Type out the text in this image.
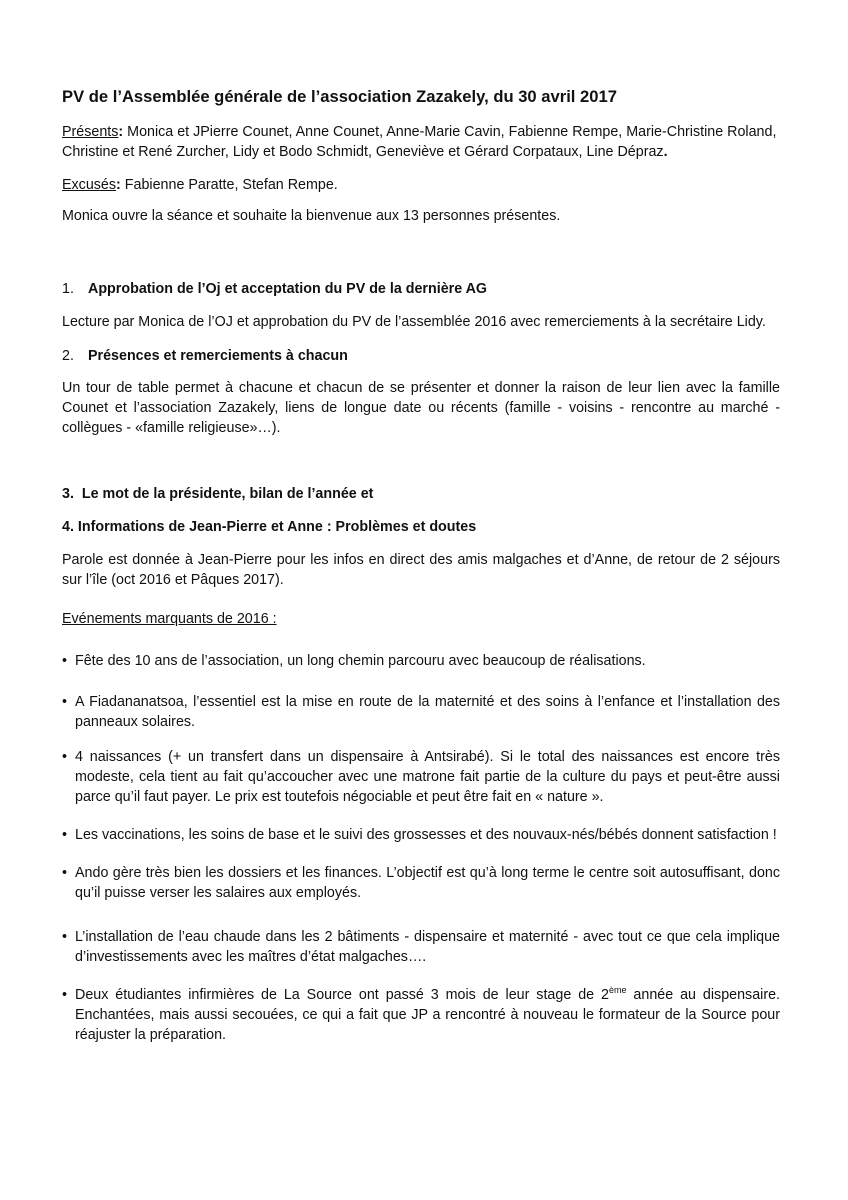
PV de l’Assemblée générale de l’association Zazakely, du 30 avril 2017

Présents: Monica et JPierre Counet, Anne Counet, Anne-Marie Cavin, Fabienne Rempe, Marie-Christine Roland, Christine et René Zurcher, Lidy et Bodo Schmidt, Geneviève et Gérard Corpataux, Line Dépraz.

Excusés: Fabienne Paratte, Stefan Rempe.

Monica ouvre la séance et souhaite la bienvenue aux 13 personnes présentes.

1. Approbation de l’Oj et acceptation du PV de la dernière AG

Lecture par Monica de l’OJ et approbation du PV de l’assemblée 2016 avec remerciements à la secrétaire Lidy.

2. Présences et remerciements à chacun

Un tour de table permet à chacune et chacun de se présenter et donner la raison de leur lien avec la famille Counet et l’association Zazakely, liens de longue date ou récents (famille - voisins - rencontre au marché - collègues - «famille religieuse»…).

3.  Le mot de la présidente, bilan de l’année et

4. Informations de Jean-Pierre et Anne : Problèmes et doutes

Parole est donnée à Jean-Pierre pour les infos en direct des amis malgaches et d’Anne, de retour de 2 séjours sur l’île (oct 2016 et Pâques 2017).

Evénements marquants de 2016 :

• Fête des 10 ans de l’association, un long chemin parcouru avec beaucoup de réalisations.

• A Fiadananatsoa, l’essentiel est la mise en route de la maternité et des soins à l’enfance et l’installation des panneaux solaires.

• 4 naissances (+ un transfert dans un dispensaire à Antsirabé). Si le total des naissances est encore très modeste, cela tient au fait qu’accoucher avec une matrone fait partie de la culture du pays et peut-être aussi parce qu’il faut payer. Le prix est toutefois négociable et peut être fait en « nature ».

• Les vaccinations, les soins de base et le suivi des grossesses et des nouvaux-nés/bébés donnent satisfaction !

• Ando gère très bien les dossiers et les finances. L’objectif est qu’à long terme le centre soit autosuffisant, donc qu’il puisse verser les salaires aux employés.

• L’installation de l’eau chaude dans les 2 bâtiments - dispensaire et maternité - avec tout ce que cela implique d’investissements avec les maîtres d’état malgaches….

• Deux étudiantes infirmières de La Source ont passé 3 mois de leur stage de 2ème année au dispensaire. Enchantées, mais aussi secouées, ce qui a fait que JP a rencontré à nouveau le formateur de la Source pour réajuster la préparation.
